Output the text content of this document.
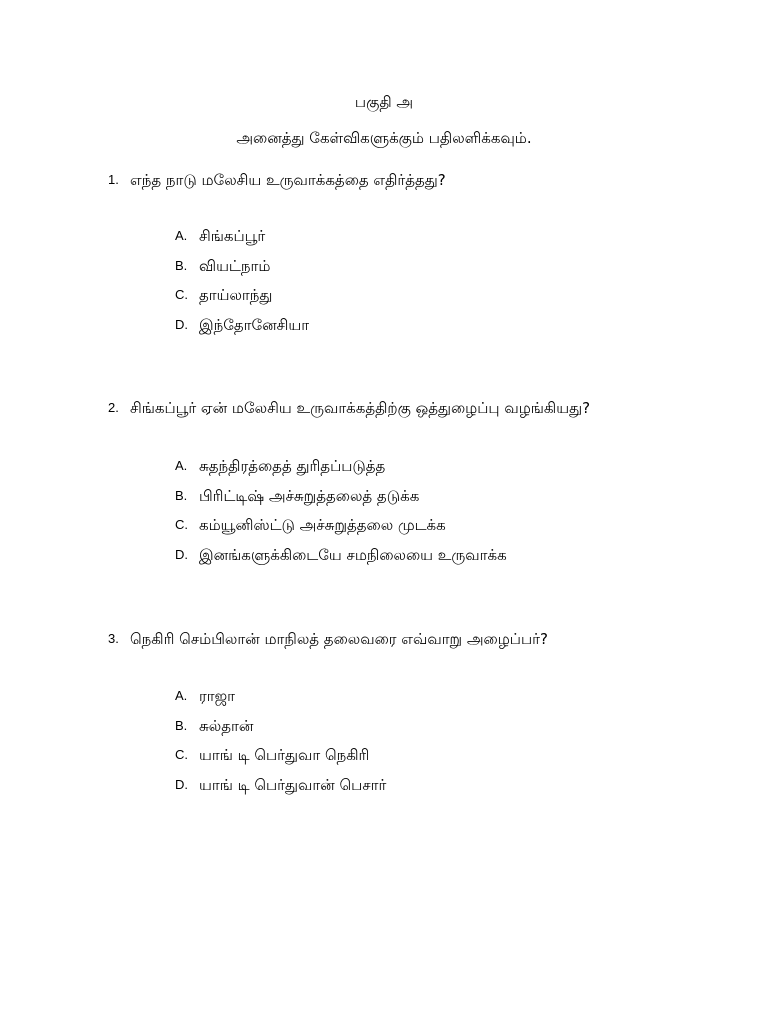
பகுதி அ
அனைத்து கேள்விகளுக்கும் பதிலளிக்கவும்.
1. எந்த நாடு மலேசிய உருவாக்கத்தை எதிர்த்தது?
A. சிங்கப்பூர்
B. வியட்நாம்
C. தாய்லாந்து
D. இந்தோனேசியா
2. சிங்கப்பூர் ஏன் மலேசிய உருவாக்கத்திற்கு ஒத்துழைப்பு வழங்கியது?
A. சுதந்திரத்தைத் துரிதப்படுத்த
B. பிரிட்டிஷ் அச்சுறுத்தலைத் தடுக்க
C. கம்யூனிஸ்ட்டு அச்சுறுத்தலை முடக்க
D. இனங்களுக்கிடையே சமநிலையை உருவாக்க
3. நெகிரி செம்பிலான் மாநிலத் தலைவரை எவ்வாறு அழைப்பர்?
A. ராஜா
B. சுல்தான்
C. யாங் டி பெர்துவா நெகிரி
D. யாங் டி பெர்துவான் பெசார்
